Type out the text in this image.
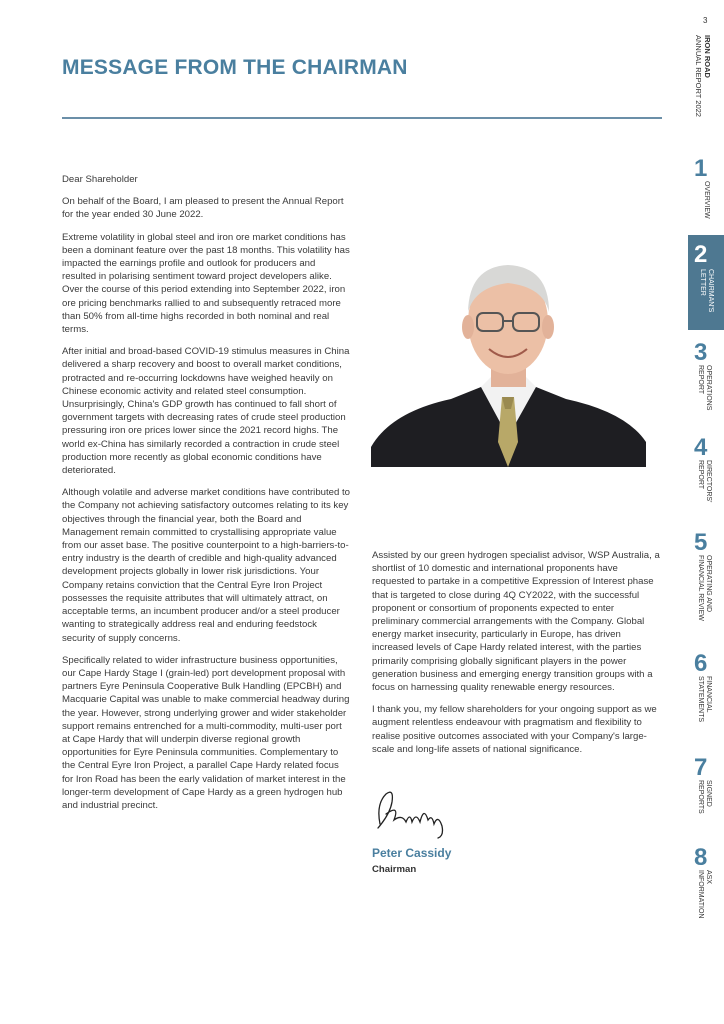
MESSAGE FROM THE CHAIRMAN

Dear Shareholder

On behalf of the Board, I am pleased to present the Annual Report for the year ended 30 June 2022.

Extreme volatility in global steel and iron ore market conditions has been a dominant feature over the past 18 months. This volatility has impacted the earnings profile and outlook for producers and resulted in polarising sentiment toward project developers alike. Over the course of this period extending into September 2022, iron ore pricing benchmarks rallied to and subsequently retraced more than 50% from all-time highs recorded in both nominal and real terms.

After initial and broad-based COVID-19 stimulus measures in China delivered a sharp recovery and boost to overall market conditions, protracted and re-occurring lockdowns have weighed heavily on Chinese economic activity and related steel consumption. Unsurprisingly, China's GDP growth has continued to fall short of government targets with decreasing rates of crude steel production pressuring iron ore prices lower since the 2021 record highs. The world ex-China has similarly recorded a contraction in crude steel production more recently as global economic conditions have deteriorated.

Although volatile and adverse market conditions have contributed to the Company not achieving satisfactory outcomes relating to its key objectives through the financial year, both the Board and Management remain committed to crystallising appropriate value from our asset base. The positive counterpoint to a high-barriers-to-entry industry is the dearth of credible and high-quality advanced development projects globally in lower risk jurisdictions. Your Company retains conviction that the Central Eyre Iron Project possesses the requisite attributes that will ultimately attract, on acceptable terms, an incumbent producer and/or a steel producer wanting to strategically address real and enduring feedstock security of supply concerns.

Specifically related to wider infrastructure business opportunities, our Cape Hardy Stage I (grain-led) port development proposal with partners Eyre Peninsula Cooperative Bulk Handling (EPCBH) and Macquarie Capital was unable to make commercial headway during the year. However, strong underlying grower and wider stakeholder support remains entrenched for a multi-commodity, multi-user port at Cape Hardy that will underpin diverse regional growth opportunities for Eyre Peninsula communities. Complementary to the Central Eyre Iron Project, a parallel Cape Hardy related focus for Iron Road has been the early validation of market interest in the longer-term development of Cape Hardy as a green hydrogen hub and industrial precinct.

Assisted by our green hydrogen specialist advisor, WSP Australia, a shortlist of 10 domestic and international proponents have requested to partake in a competitive Expression of Interest phase that is targeted to close during 4Q CY2022, with the successful proponent or consortium of proponents expected to enter preliminary commercial arrangements with the Company. Global energy market insecurity, particularly in Europe, has driven increased levels of Cape Hardy related interest, with the parties primarily comprising globally significant players in the power generation business and emerging energy transition groups with a focus on harnessing quality renewable energy resources.

I thank you, my fellow shareholders for your ongoing support as we augment relentless endeavour with pragmatism and flexibility to realise positive outcomes associated with your Company's large-scale and long-life assets of national significance.

Peter Cassidy
Chairman
3
IRON ROAD
ANNUAL REPORT 2022
1
OVERVIEW
2
CHAIRMAN'S
LETTER
3
OPERATIONS
REPORT
4
DIRECTORS'
REPORT
5
OPERATING AND
FINANCIAL REVIEW
6
FINANCIAL
STATEMENTS
7
SIGNED
REPORTS
8
ASX
INFORMATION
